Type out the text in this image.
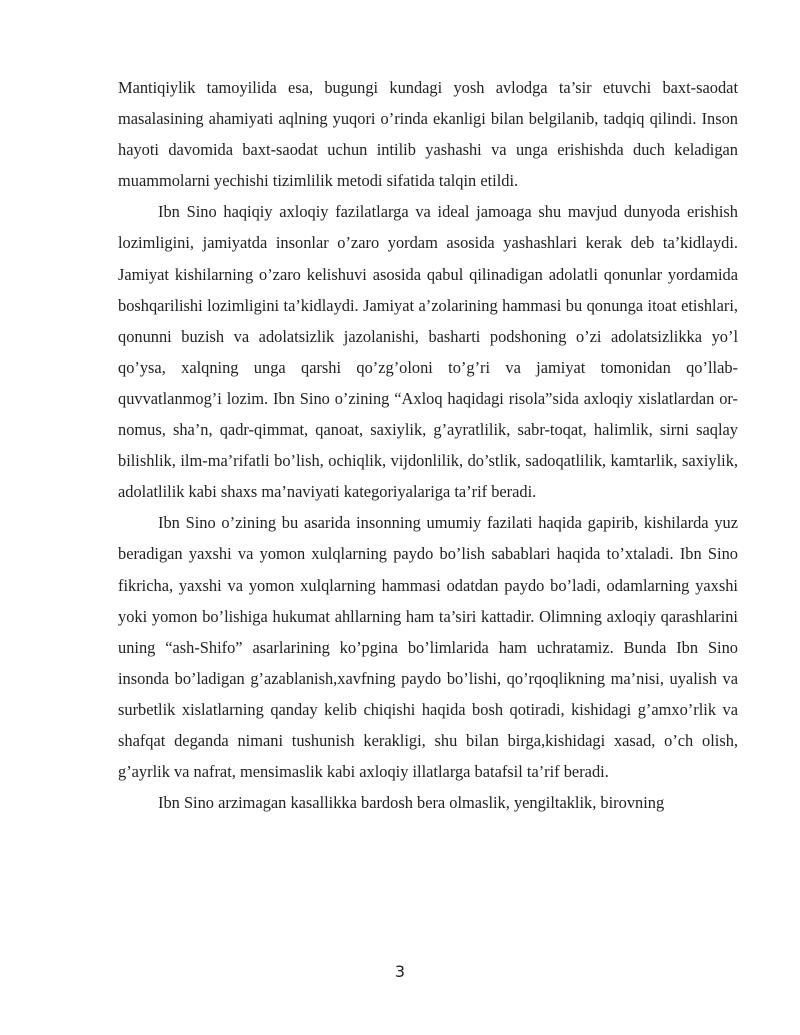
Mantiqiylik tamoyilida esa, bugungi kundagi yosh avlodga ta’sir etuvchi baxt-saodat masalasining ahamiyati aqlning yuqori o’rinda ekanligi bilan belgilanib, tadqiq qilindi. Inson hayoti davomida baxt-saodat uchun intilib yashashi va unga erishishda duch keladigan muammolarni yechishi tizimlilik metodi sifatida talqin etildi.

Ibn Sino haqiqiy axloqiy fazilatlarga va ideal jamoaga shu mavjud dunyoda erishish lozimligini, jamiyatda insonlar o’zaro yordam asosida yashashlari kerak deb ta’kidlaydi. Jamiyat kishilarning o’zaro kelishuvi asosida qabul qilinadigan adolatli qonunlar yordamida boshqarilishi lozimligini ta’kidlaydi. Jamiyat a’zolarining hammasi bu qonunga itoat etishlari, qonunni buzish va adolatsizlik jazolanishi, basharti podshoning o’zi adolatsizlikka yo’l qo’ysa, xalqning unga qarshi qo’zg’oloni to’g’ri va jamiyat tomonidan qo’llab-quvvatlanmog’i lozim. Ibn Sino o’zining “Axloq haqidagi risola”sida axloqiy xislatlardan or-nomus, sha’n, qadr-qimmat, qanoat, saxiylik, g’ayratlilik, sabr-toqat, halimlik, sirni saqlay bilishlik, ilm-ma’rifatli bo’lish, ochiqlik, vijdonlilik, do’stlik, sadoqatlilik, kamtarlik, saxiylik, adolatlilik kabi shaxs ma’naviyati kategoriyalariga ta’rif beradi.

Ibn Sino o’zining bu asarida insonning umumiy fazilati haqida gapirib, kishilarda yuz beradigan yaxshi va yomon xulqlarning paydo bo’lish sabablari haqida to’xtaladi. Ibn Sino fikricha, yaxshi va yomon xulqlarning hammasi odatdan paydo bo’ladi, odamlarning yaxshi yoki yomon bo’lishiga hukumat ahllarning ham ta’siri kattadir. Olimning axloqiy qarashlarini uning “ash-Shifo” asarlarining ko’pgina bo’limlarida ham uchratamiz. Bunda Ibn Sino insonda bo’ladigan g’azablanish,xavfning paydo bo’lishi, qo’rqoqlikning ma’nisi, uyalish va surbetlik xislatlarning qanday kelib chiqishi haqida bosh qotiradi, kishidagi g’amxo’rlik va shafqat deganda nimani tushunish kerakligi, shu bilan birga,kishidagi xasad, o’ch olish, g’ayrlik va nafrat, mensimaslik kabi axloqiy illatlarga batafsil ta’rif beradi.

Ibn Sino arzimagan kasallikka bardosh bera olmaslik, yengiltaklik, birovning

3
